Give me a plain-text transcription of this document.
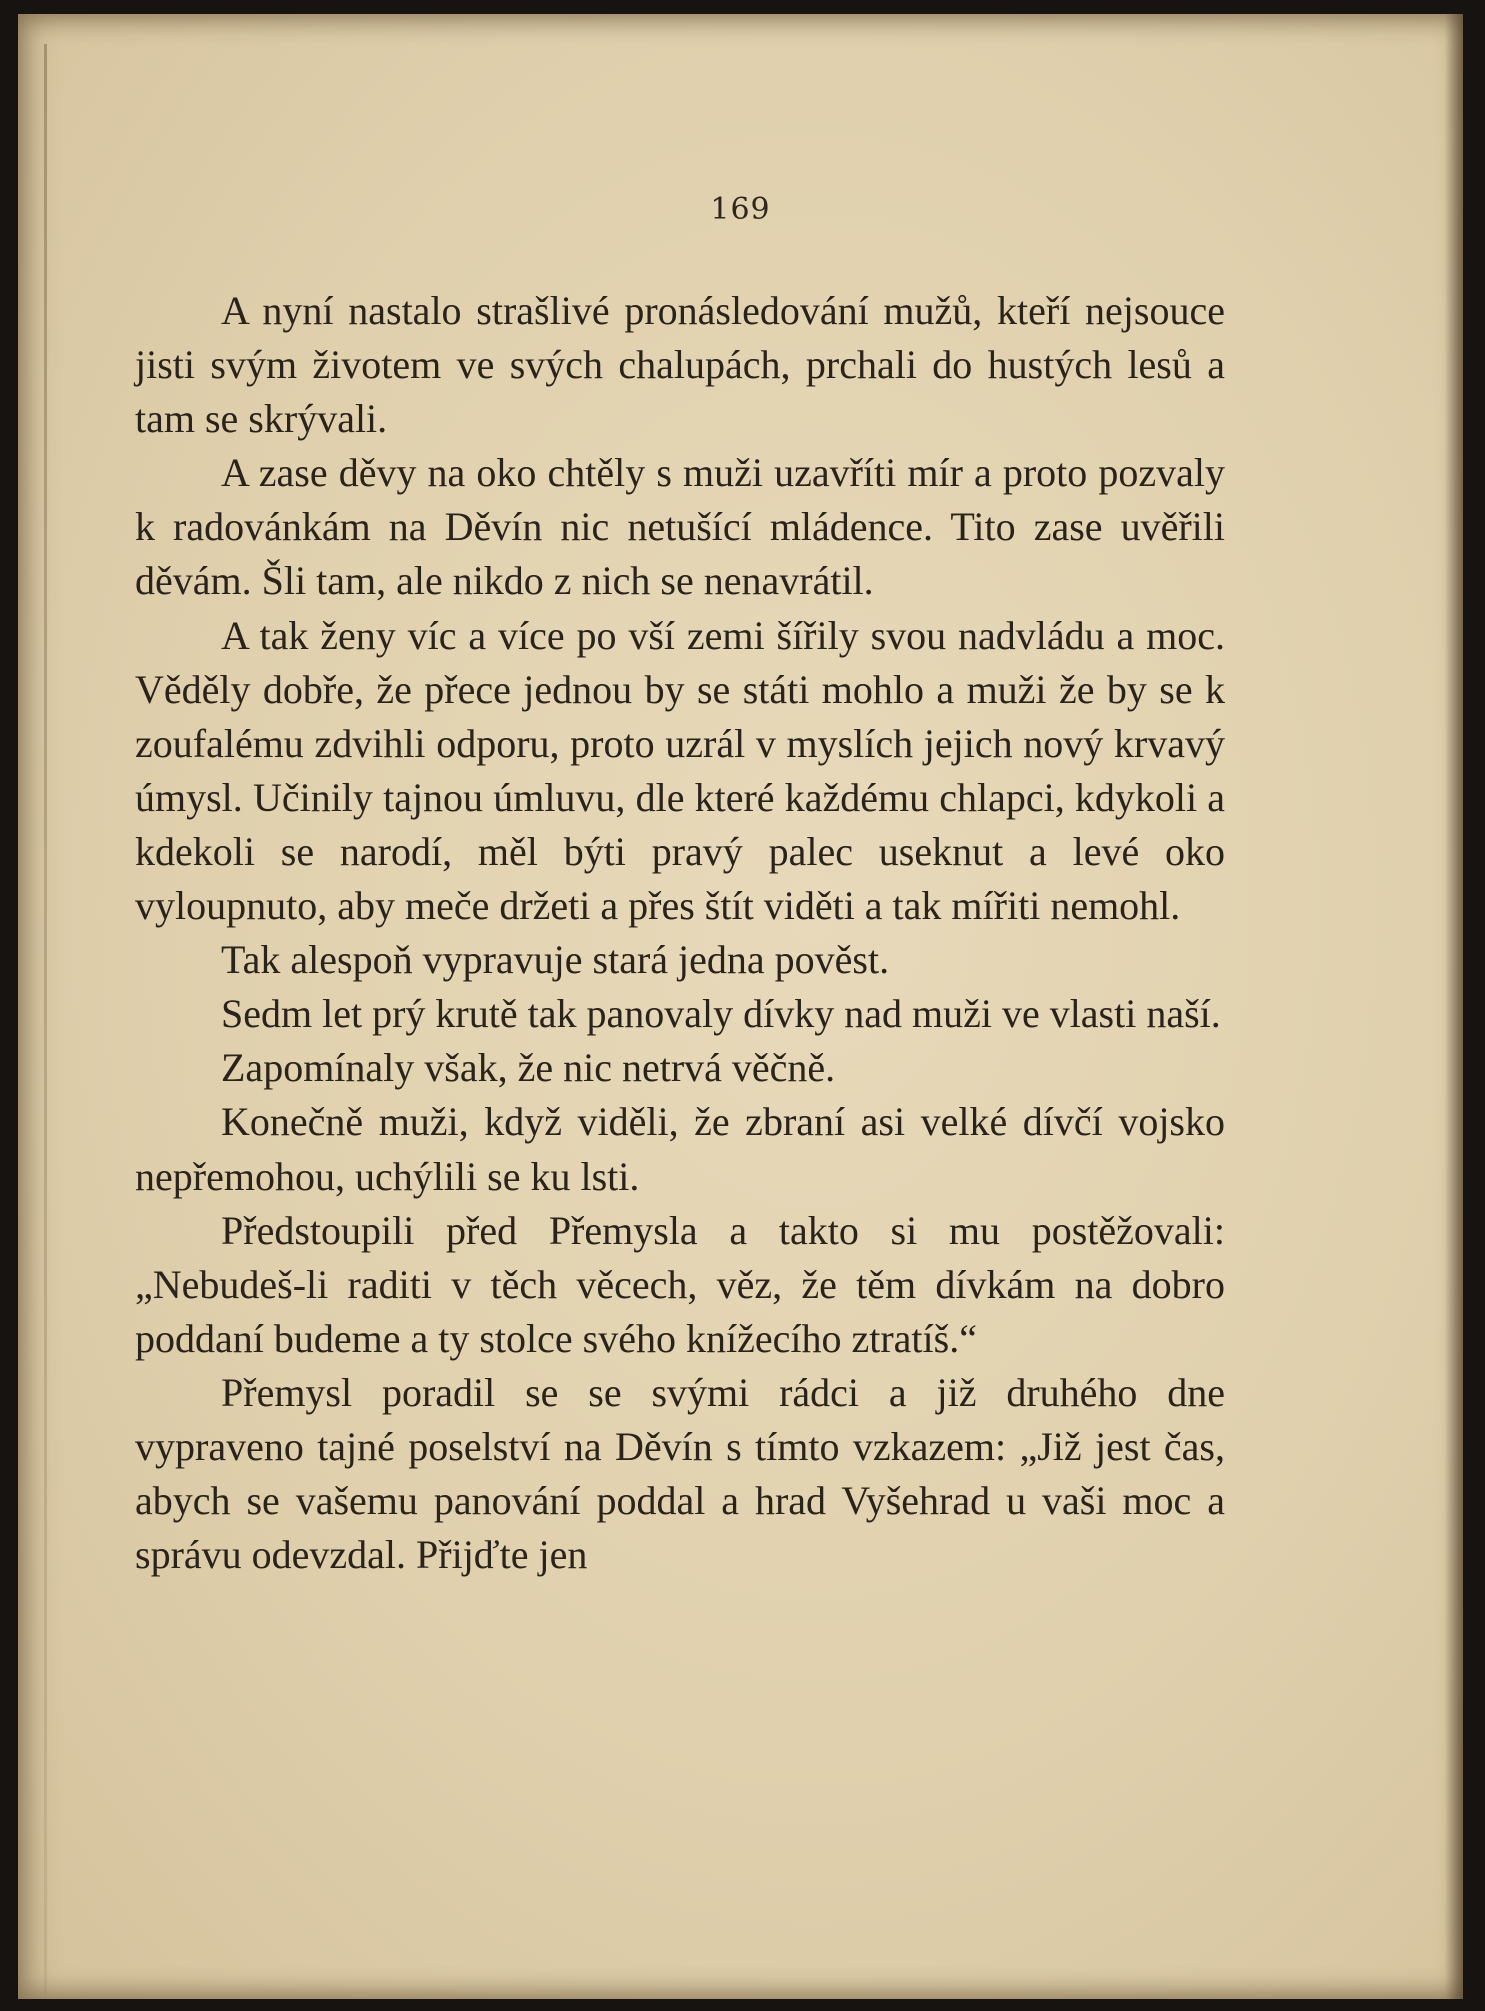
169

A nyní nastalo strašlivé pronásledování mužů, kteří nejsouce jisti svým životem ve svých chalupách, prchali do hustých lesů a tam se skrývali.

A zase děvy na oko chtěly s muži uzavříti mír a proto pozvaly k radovánkám na Děvín nic netušící mládence. Tito zase uvěřili děvám. Šli tam, ale nikdo z nich se nenavrátil.

A tak ženy víc a více po vší zemi šířily svou nadvládu a moc. Věděly dobře, že přece jednou by se státi mohlo a muži že by se k zoufalému zdvihli odporu, proto uzrál v myslích jejich nový krvavý úmysl. Učinily tajnou úmluvu, dle které každému chlapci, kdykoli a kdekoli se narodí, měl býti pravý palec useknut a levé oko vyloupnuto, aby meče držeti a přes štít viděti a tak mířiti nemohl.

Tak alespoň vypravuje stará jedna pověst.

Sedm let prý krutě tak panovaly dívky nad muži ve vlasti naší.

Zapomínaly však, že nic netrvá věčně.

Konečně muži, když viděli, že zbraní asi velké dívčí vojsko nepřemohou, uchýlili se ku lsti.

Předstoupili před Přemysla a takto si mu postěžovali: „Nebudeš-li raditi v těch věcech, věz, že těm dívkám na dobro poddaní budeme a ty stolce svého knížecího ztratíš.“

Přemysl poradil se se svými rádci a již druhého dne vypraveno tajné poselství na Děvín s tímto vzkazem: „Již jest čas, abych se vašemu panování poddal a hrad Vyšehrad u vaši moc a správu odevzdal. Přijďte jen
